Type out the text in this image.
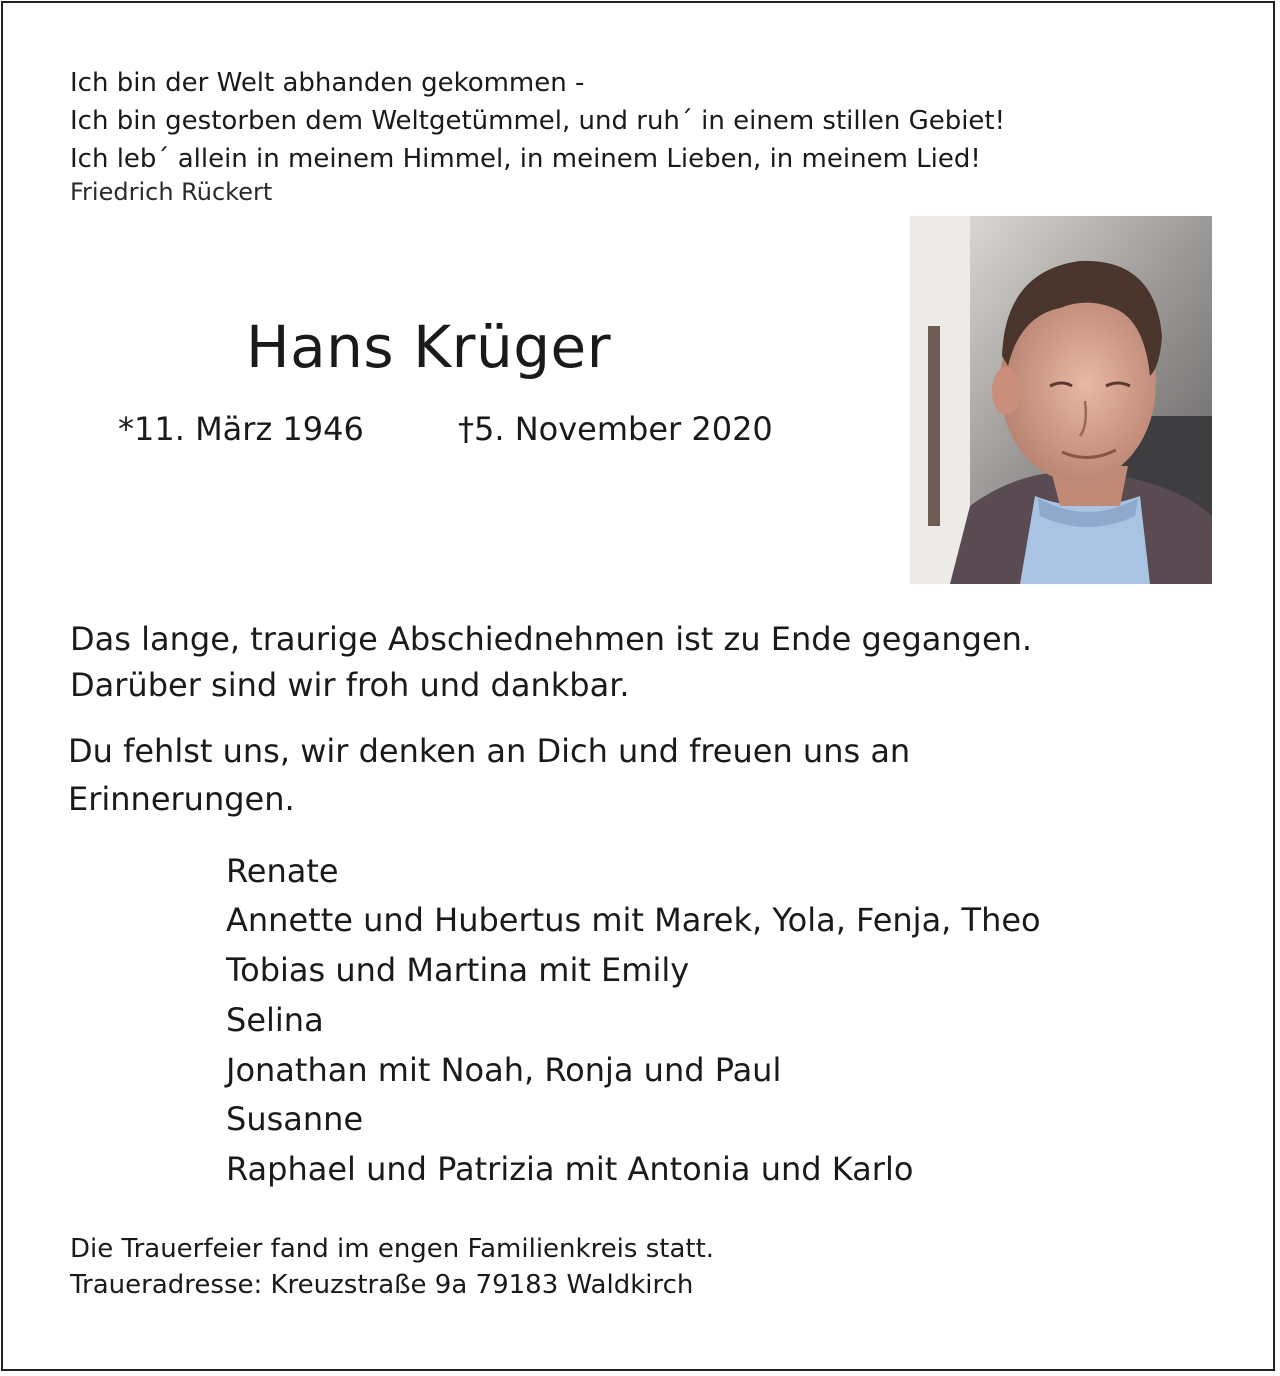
Ich bin der Welt abhanden gekommen -

Ich bin gestorben dem Weltgetümmel, und ruh´ in einem stillen Gebiet!

Ich leb´ allein in meinem Himmel, in meinem Lieben, in meinem Lied!

Friedrich Rückert

Hans Krüger

*11. März 1946	†5. November 2020

Das lange, traurige Abschiednehmen ist zu Ende gegangen.

Darüber sind wir froh und dankbar.

Du fehlst uns, wir denken an Dich und freuen uns an

Erinnerungen.

Renate

Annette und Hubertus mit Marek, Yola, Fenja, Theo

Tobias und Martina mit Emily

Selina

Jonathan mit Noah, Ronja und Paul

Susanne

Raphael und Patrizia mit Antonia und Karlo

Die Trauerfeier fand im engen Familienkreis statt.

Traueradresse: Kreuzstraße 9a 79183 Waldkirch
